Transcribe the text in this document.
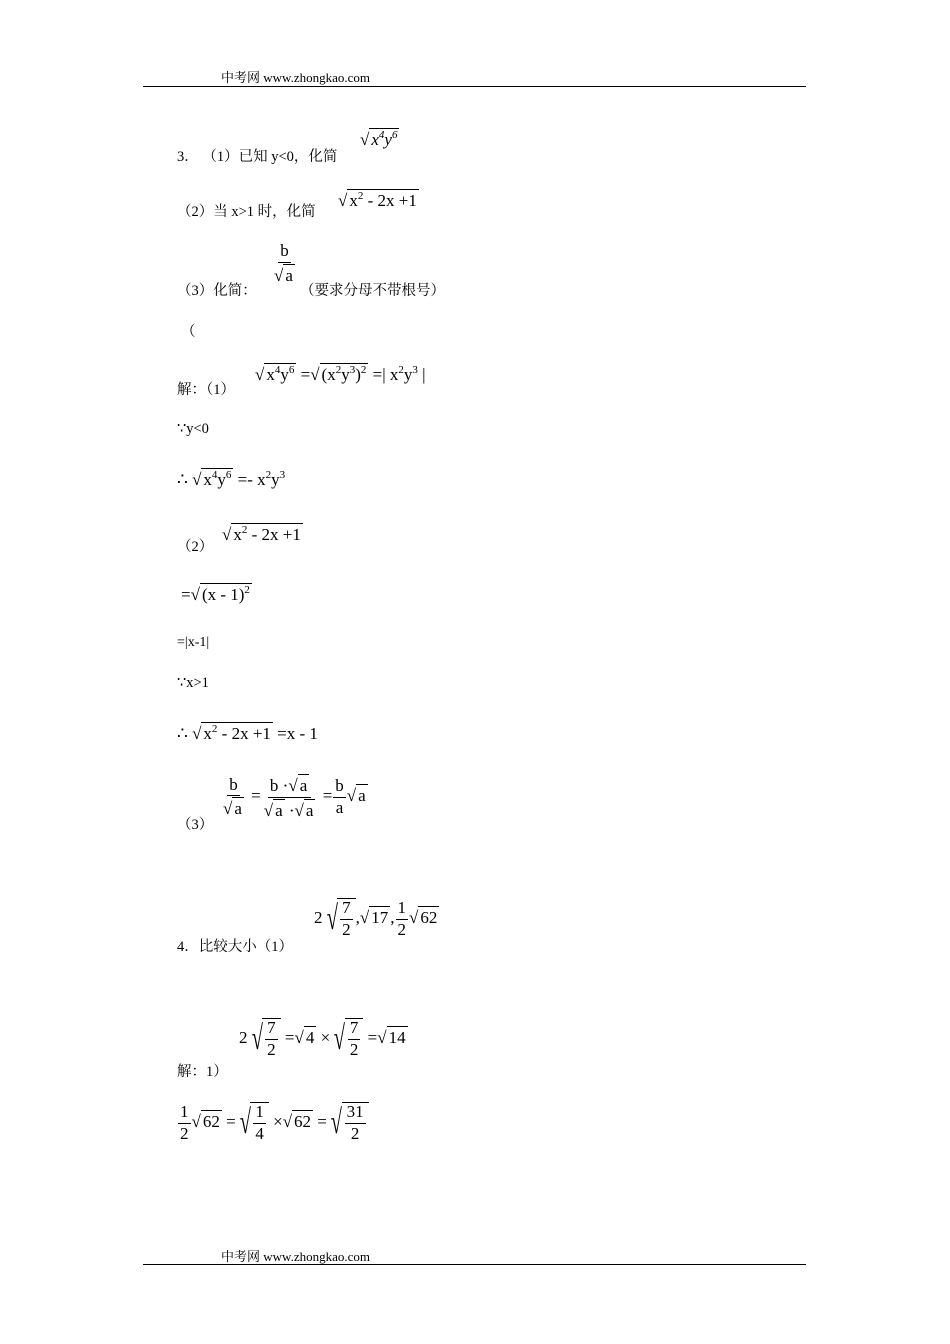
中考网 www.zhongkao.com
3． （1）已知 y<0，化简
√ $x^4y^6$
（2）当 x>1 时，化简
√ $x^2 - 2x +1$
（3）化简：
$\frac{b}{√ a}$
（要求分母不带根号）
（
解：（1）
√ $x^4y^6$ =√ $(x^2y^3)^2$ =| $x^2y^3$ |
∵y<0
∴ √ $x^4y^6 =- x^2y^3$
（2）
√ $x^2 - 2x +1$
=√ (x - 1)$^2$
=|x-1|
∵x>1
∴ √ $x^2 - 2x +1 =x - 1$
（3）
$\frac{b}{√ a} = \frac{b \cdot√ a}{√ a \cdot√ a} = \frac{b}{a}$ √ a
4．比较大小（1）
2 √ $\frac{7}{2}$ ,√ 17 , $\frac{1}{2}$ √ 62
解：1）
2 √ $\frac{7}{2}$ =√ 4 × √ $\frac{7}{2}$ =√ 14
$\frac{1}{2}$ √ 62 = √ $\frac{1}{4}$ ×√ 62 = √ $\frac{31}{2}$
中考网 www.zhongkao.com
